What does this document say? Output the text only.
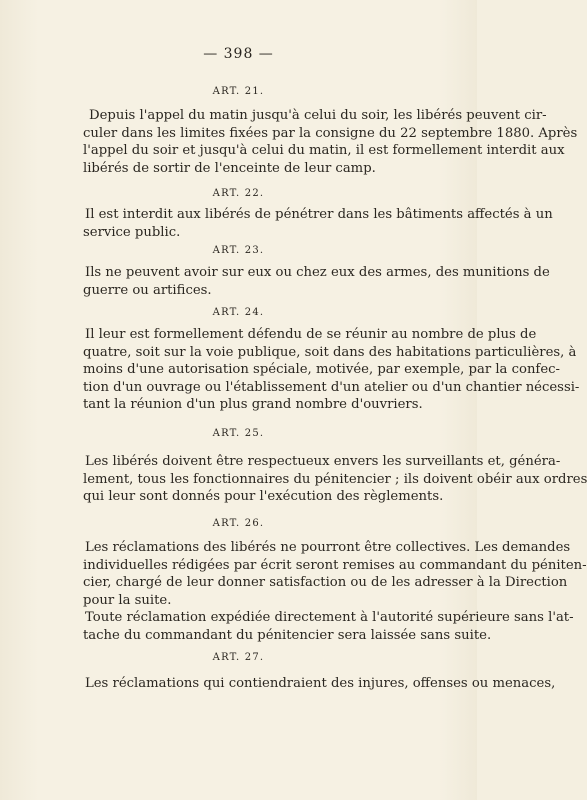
— 398 —
ART. 21.
Depuis l'appel du matin jusqu'à celui du soir, les libérés peuvent cir-
culer dans les limites fixées par la consigne du 22 septembre 1880. Après
l'appel du soir et jusqu'à celui du matin, il est formellement interdit aux
libérés de sortir de l'enceinte de leur camp.
ART. 22.
Il est interdit aux libérés de pénétrer dans les bâtiments affectés à un
service public.
ART. 23.
Ils ne peuvent avoir sur eux ou chez eux des armes, des munitions de
guerre ou artifices.
ART. 24.
Il leur est formellement défendu de se réunir au nombre de plus de
quatre, soit sur la voie publique, soit dans des habitations particulières, à
moins d'une autorisation spéciale, motivée, par exemple, par la confec-
tion d'un ouvrage ou l'établissement d'un atelier ou d'un chantier nécessi-
tant la réunion d'un plus grand nombre d'ouvriers.
ART. 25.
Les libérés doivent être respectueux envers les surveillants et, généra-
lement, tous les fonctionnaires du pénitencier ; ils doivent obéir aux ordres
qui leur sont donnés pour l'exécution des règlements.
ART. 26.
Les réclamations des libérés ne pourront être collectives. Les demandes
individuelles rédigées par écrit seront remises au commandant du péniten-
cier, chargé de leur donner satisfaction ou de les adresser à la Direction
pour la suite.
Toute réclamation expédiée directement à l'autorité supérieure sans l'at-
tache du commandant du pénitencier sera laissée sans suite.
ART. 27.
Les réclamations qui contiendraient des injures, offenses ou menaces,
